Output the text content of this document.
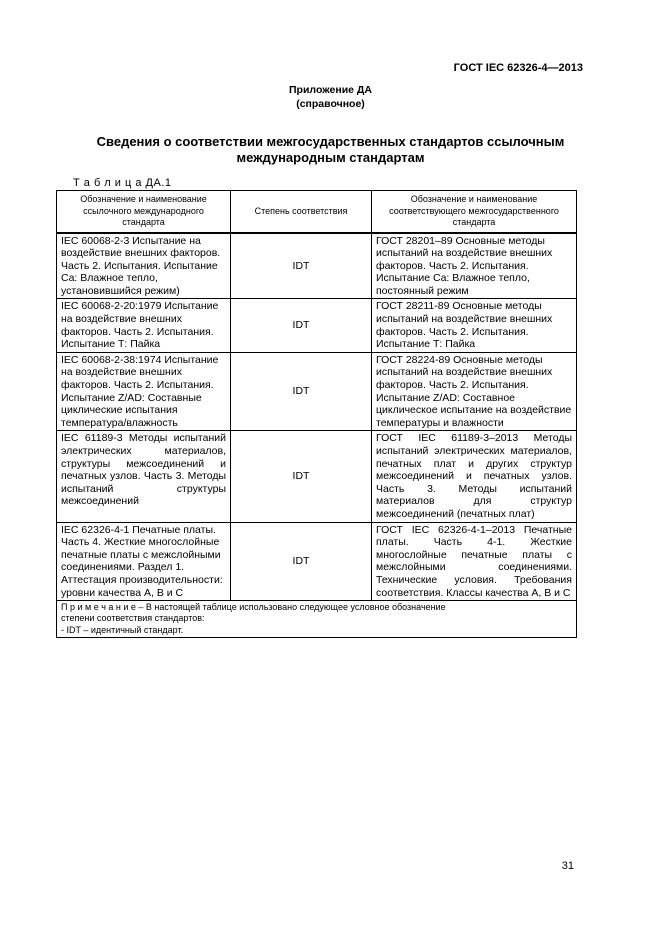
ГОСТ IEC 62326-4—2013
Приложение ДА
(справочное)
Сведения о соответствии межгосударственных стандартов ссылочным
международным стандартам
Т а б л и ц а ДА.1
Обозначение и наименование ссылочного международного стандарта	Степень соответствия	Обозначение и наименование соответствующего межгосударственного стандарта
IEC 60068-2-3 Испытание на воздействие внешних факторов. Часть 2. Испытания. Испытание Ca: Влажное тепло, установившийся режим)	IDT	ГОСТ 28201–89 Основные методы испытаний на воздействие внешних факторов. Часть 2. Испытания. Испытание Ca: Влажное тепло, постоянный режим
IEC 60068-2-20:1979 Испытание на воздействие внешних факторов. Часть 2. Испытания. Испытание Т: Пайка	IDT	ГОСТ 28211-89 Основные методы испытаний на воздействие внешних факторов. Часть 2. Испытания. Испытание Т: Пайка
IEC 60068-2-38:1974 Испытание на воздействие внешних факторов. Часть 2. Испытания. Испытание Z/AD: Составные циклические испытания температура/влажность	IDT	ГОСТ 28224-89 Основные методы испытаний на воздействие внешних факторов. Часть 2. Испытания. Испытание Z/AD: Составное циклическое испытание на воздействие температуры и влажности
IEC 61189-3 Методы испытаний электрических материалов, структуры межсоединений и печатных узлов. Часть 3. Методы испытаний структуры межсоединений	IDT	ГОСТ IEC 61189-3–2013 Методы испытаний электрических материалов, печатных плат и других структур межсоединений и печатных узлов. Часть 3. Методы испытаний материалов для структур межсоединений (печатных плат)
IEC 62326-4-1 Печатные платы. Часть 4. Жесткие многослойные печатные платы с межслойными соединениями. Раздел 1. Аттестация производительности: уровни качества А, В и С	IDT	ГОСТ IEC 62326-4-1–2013 Печатные платы. Часть 4-1. Жесткие многослойные печатные платы с межслойными соединениями. Технические условия. Требования соответствия. Классы качества А, В и С

П р и м е ч а н и е – В настоящей таблице использовано следующее условное обозначение
степени соответствия стандартов:
- IDT – идентичный стандарт.		
31
